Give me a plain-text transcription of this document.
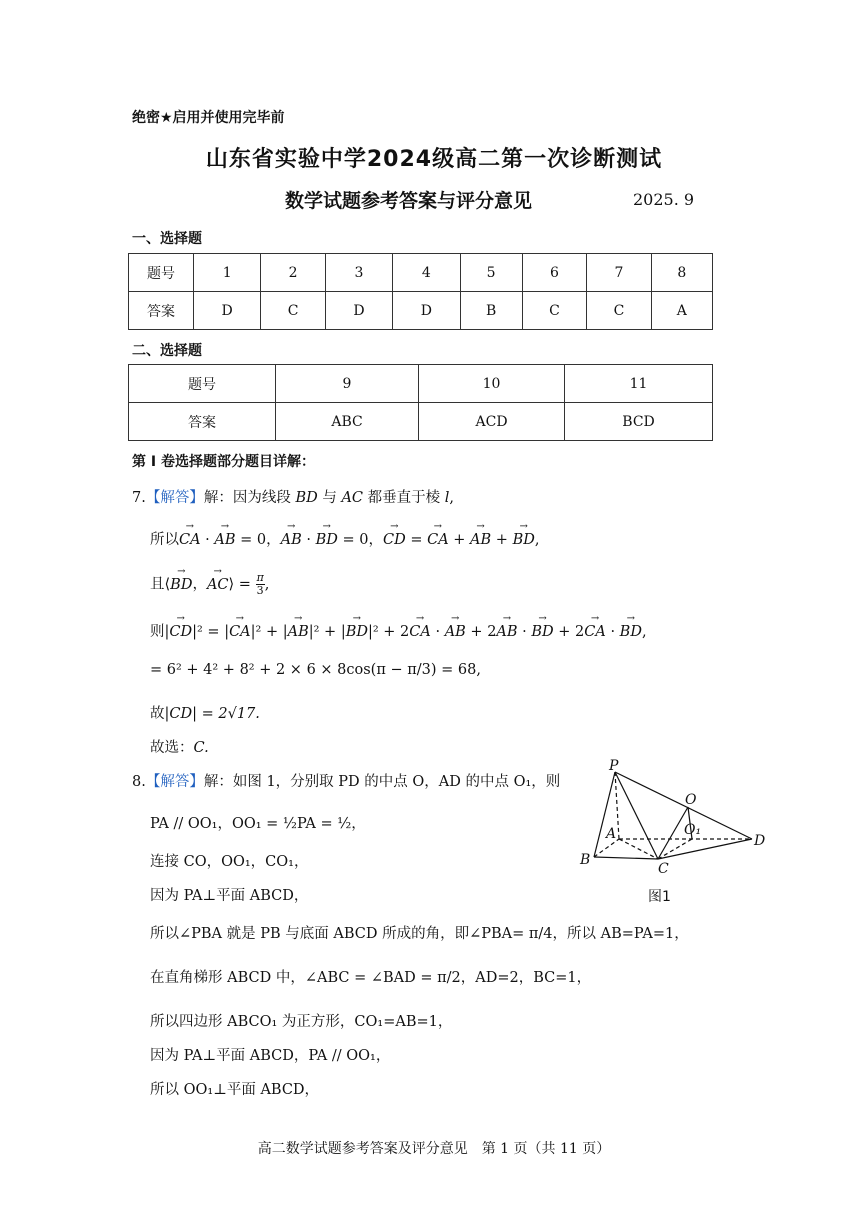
绝密★启用并使用完毕前
山东省实验中学2024级高二第一次诊断测试
数学试题参考答案与评分意见	2025. 9
一、选择题
题号	1	2	3	4	5	6	7	8
答案	D	C	D	D	B	C	C	A
二、选择题
题号	9	10	11
答案	ABC	ACD	BCD
第 I 卷选择题部分题目详解：
7.【解答】解：因为线段 BD 与 AC 都垂直于棱 l,
所以→ CA · → AB = 0，→ AB · → BD = 0，→ CD = → CA + → AB + → BD,
且⟨→ BD，→ AC⟩ = $\frac{\pi}{3}$ ,
则|→ CD|² = |→ CA|² + |→ AB|² + |→ BD|² + 2→ CA · → AB + 2→ AB · → BD + 2→ CA · → BD,
= 6² + 4² + 8² + 2 × 6 × 8cos(π − π/3) = 68,
故|CD| = 2√17.
故选：C.
8.【解答】解：如图 1，分别取 PD 的中点 O，AD 的中点 O₁，则
PA // OO₁，OO₁ = ½PA = ½，
连接 CO，OO₁，CO₁，
因为 PA⊥平面 ABCD，
所以∠PBA 就是 PB 与底面 ABCD 所成的角，即∠PBA= π/4，所以 AB=PA=1，
在直角梯形 ABCD 中，∠ABC = ∠BAD = π/2，AD=2，BC=1，
所以四边形 ABCO₁ 为正方形，CO₁=AB=1，
因为 PA⊥平面 ABCD，PA // OO₁，
所以 OO₁⊥平面 ABCD，
P
O
A	O₁
D
B
C
图1
高二数学试题参考答案及评分意见　第 1 页（共 11 页）
